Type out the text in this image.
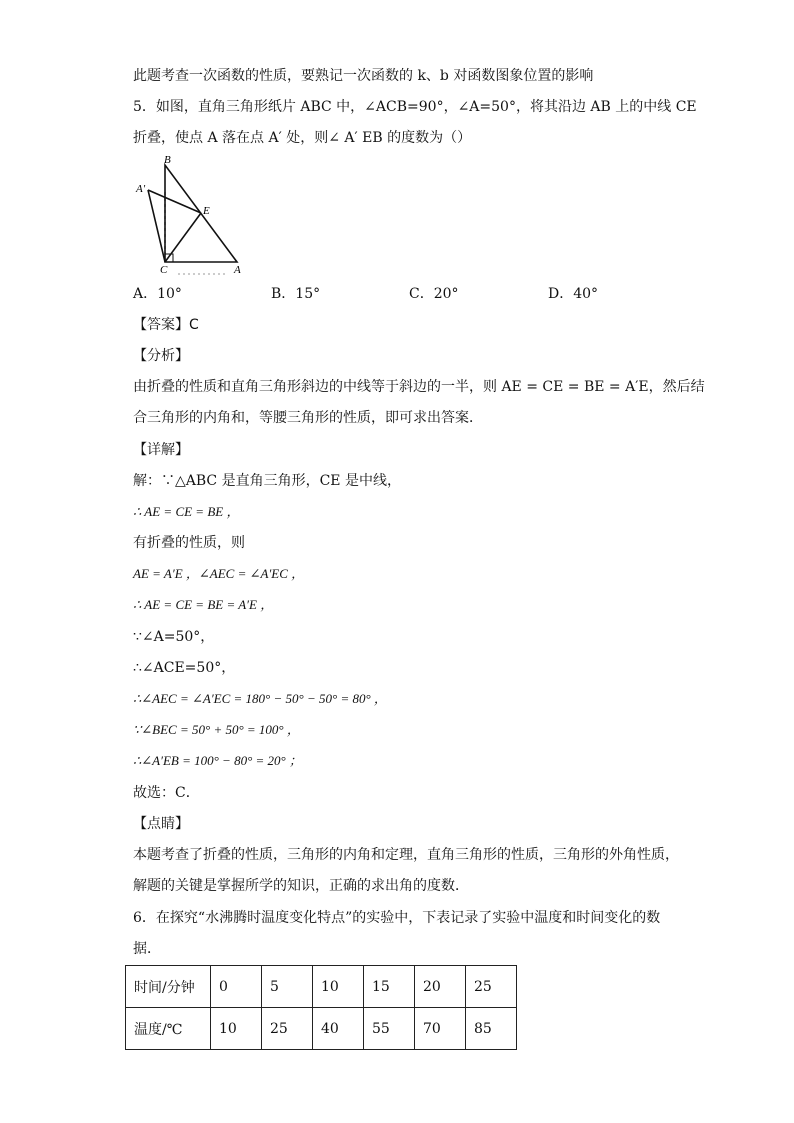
此题考查一次函数的性质，要熟记一次函数的 k、b 对函数图象位置的影响
5．如图，直角三角形纸片 ABC 中，∠ACB=90°，∠A=50°，将其沿边 AB 上的中线 CE
折叠，使点 A 落在点 A′ 处，则∠ A′ EB 的度数为（）
B
A′
E
C	A
A．10°	B．15°	C．20°	D．40°
【答案】C
【分析】
由折叠的性质和直角三角形斜边的中线等于斜边的一半，则 AE = CE = BE = A′E，然后结
合三角形的内角和，等腰三角形的性质，即可求出答案．
【详解】
解：∵△ABC 是直角三角形，CE 是中线，
∴ AE = CE = BE ，
有折叠的性质，则
AE = A′E ，∠AEC = ∠A′EC ，
∴ AE = CE = BE = A′E ，
∵∠A=50°，
∴∠ACE=50°，
∴∠AEC = ∠A′EC = 180° − 50° − 50° = 80° ，
∵∠BEC = 50° + 50° = 100° ，
∴∠A′EB = 100° − 80° = 20° ；
故选：C．
【点睛】
本题考查了折叠的性质，三角形的内角和定理，直角三角形的性质，三角形的外角性质，
解题的关键是掌握所学的知识，正确的求出角的度数．
6．在探究“水沸腾时温度变化特点”的实验中，下表记录了实验中温度和时间变化的数
据．
时间/分钟	0	5	10	15	20	25
温度/℃	10	25	40	55	70	85
